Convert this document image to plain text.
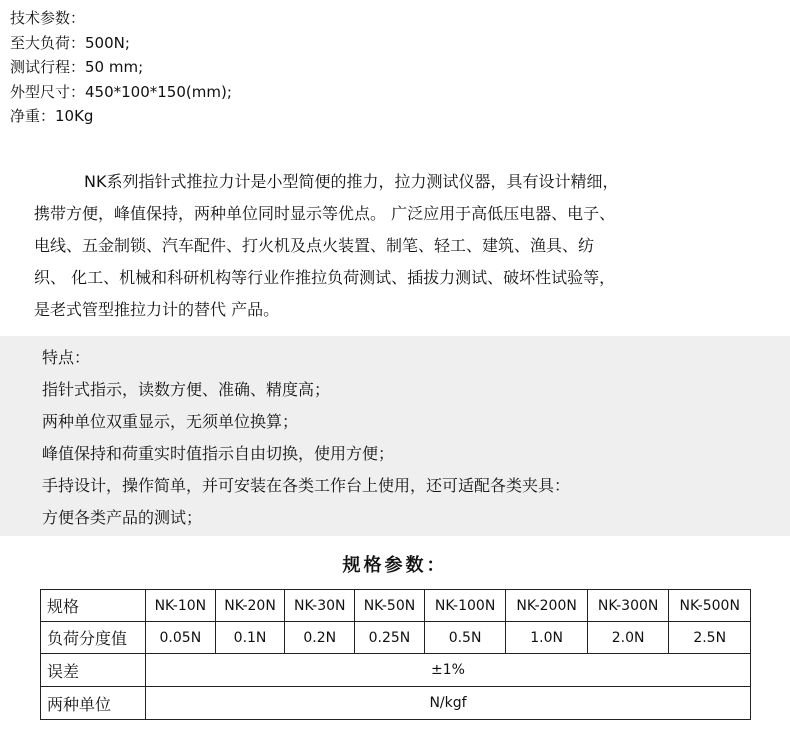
技术参数：
至大负荷：500N;
测试行程：50 mm;
外型尺寸：450*100*150(mm);
净重：10Kg
NK系列指针式推拉力计是小型简便的推力，拉力测试仪器，具有设计精细，
携带方便，峰值保持，两种单位同时显示等优点。 广泛应用于高低压电器、电子、
电线、五金制锁、汽车配件、打火机及点火装置、制笔、轻工、建筑、渔具、纺
织、 化工、机械和科研机构等行业作推拉负荷测试、插拔力测试、破坏性试验等，
是老式管型推拉力计的替代 产品。
特点：
指针式指示，读数方便、准确、精度高；
两种单位双重显示，无须单位换算；
峰值保持和荷重实时值指示自由切换，使用方便；
手持设计，操作简单，并可安装在各类工作台上使用，还可适配各类夹具：
方便各类产品的测试；
规格参数：
规格	NK-10N	NK-20N	NK-30N	NK-50N	NK-100N	NK-200N	NK-300N	NK-500N
负荷分度值	0.05N	0.1N	0.2N	0.25N	0.5N	1.0N	2.0N	2.5N
误差	±1%							
两种单位	N/kgf							
